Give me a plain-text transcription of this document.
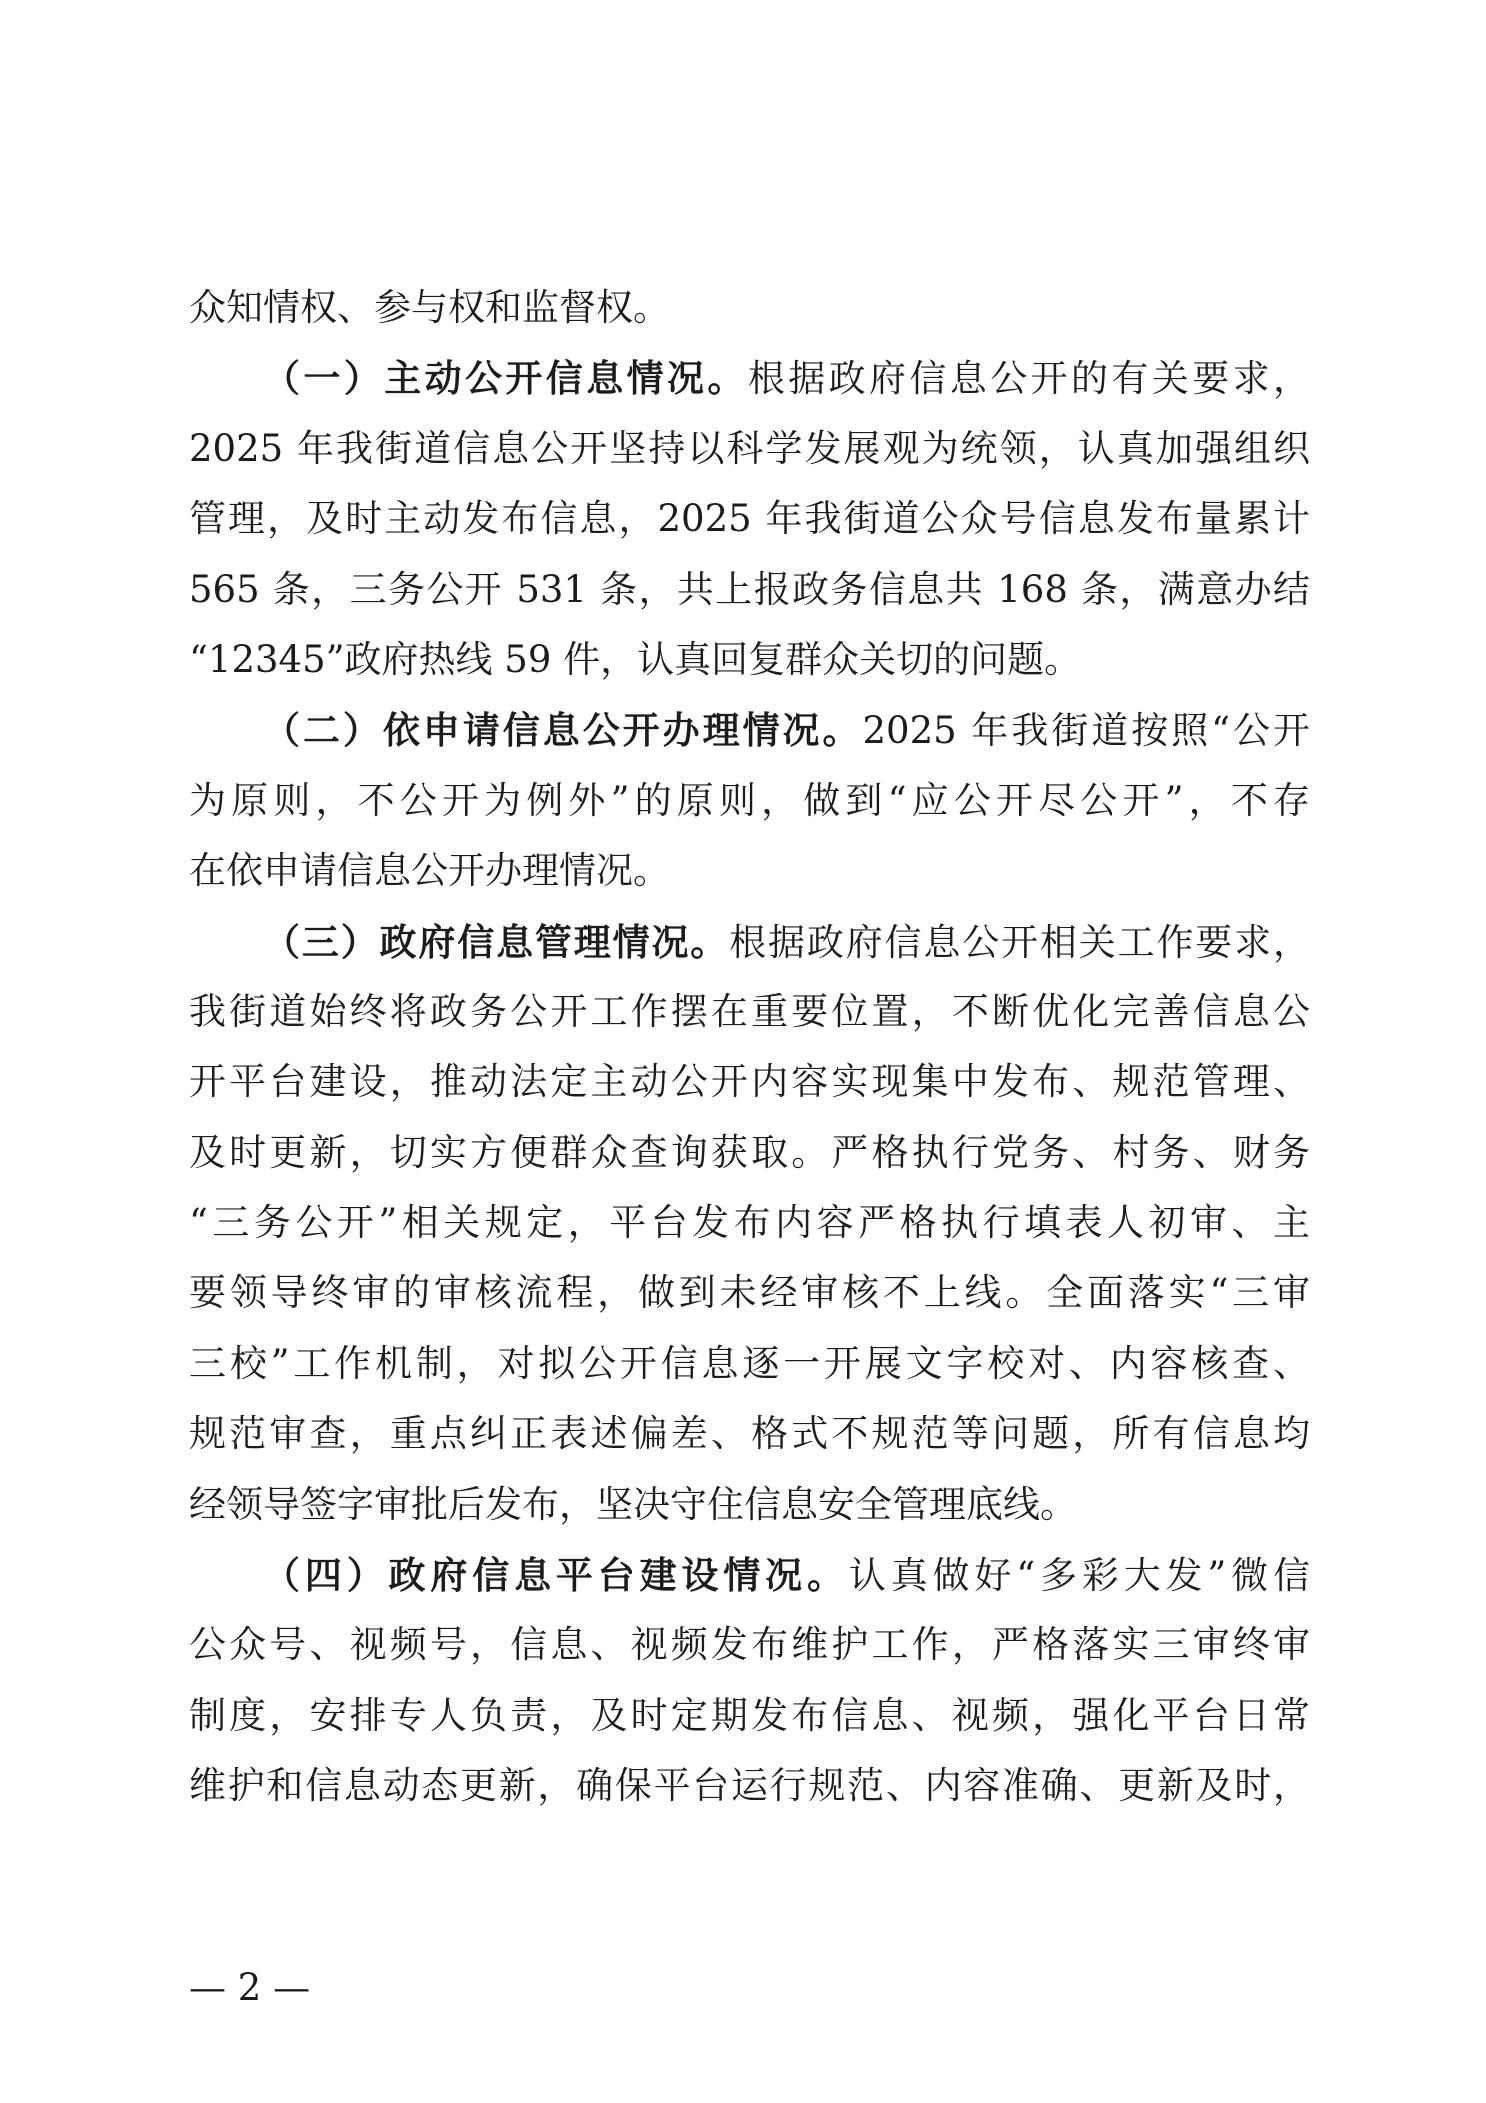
众知情权、参与权和监督权。
（一）主动公开信息情况。根据政府信息公开的有关要求，
2025 年我街道信息公开坚持以科学发展观为统领，认真加强组织
管理，及时主动发布信息，2025 年我街道公众号信息发布量累计
565 条，三务公开 531 条，共上报政务信息共 168 条，满意办结
“12345”政府热线 59 件，认真回复群众关切的问题。
（二）依申请信息公开办理情况。2025 年我街道按照“公开
为原则，不公开为例外”的原则，做到“应公开尽公开”，不存
在依申请信息公开办理情况。
（三）政府信息管理情况。根据政府信息公开相关工作要求，
我街道始终将政务公开工作摆在重要位置，不断优化完善信息公
开平台建设，推动法定主动公开内容实现集中发布、规范管理、
及时更新，切实方便群众查询获取。严格执行党务、村务、财务
“三务公开”相关规定，平台发布内容严格执行填表人初审、主
要领导终审的审核流程，做到未经审核不上线。全面落实“三审
三校”工作机制，对拟公开信息逐一开展文字校对、内容核查、
规范审查，重点纠正表述偏差、格式不规范等问题，所有信息均
经领导签字审批后发布，坚决守住信息安全管理底线。
（四）政府信息平台建设情况。认真做好“多彩大发”微信
公众号、视频号，信息、视频发布维护工作，严格落实三审终审
制度，安排专人负责，及时定期发布信息、视频，强化平台日常
维护和信息动态更新，确保平台运行规范、内容准确、更新及时，
— 2 —
